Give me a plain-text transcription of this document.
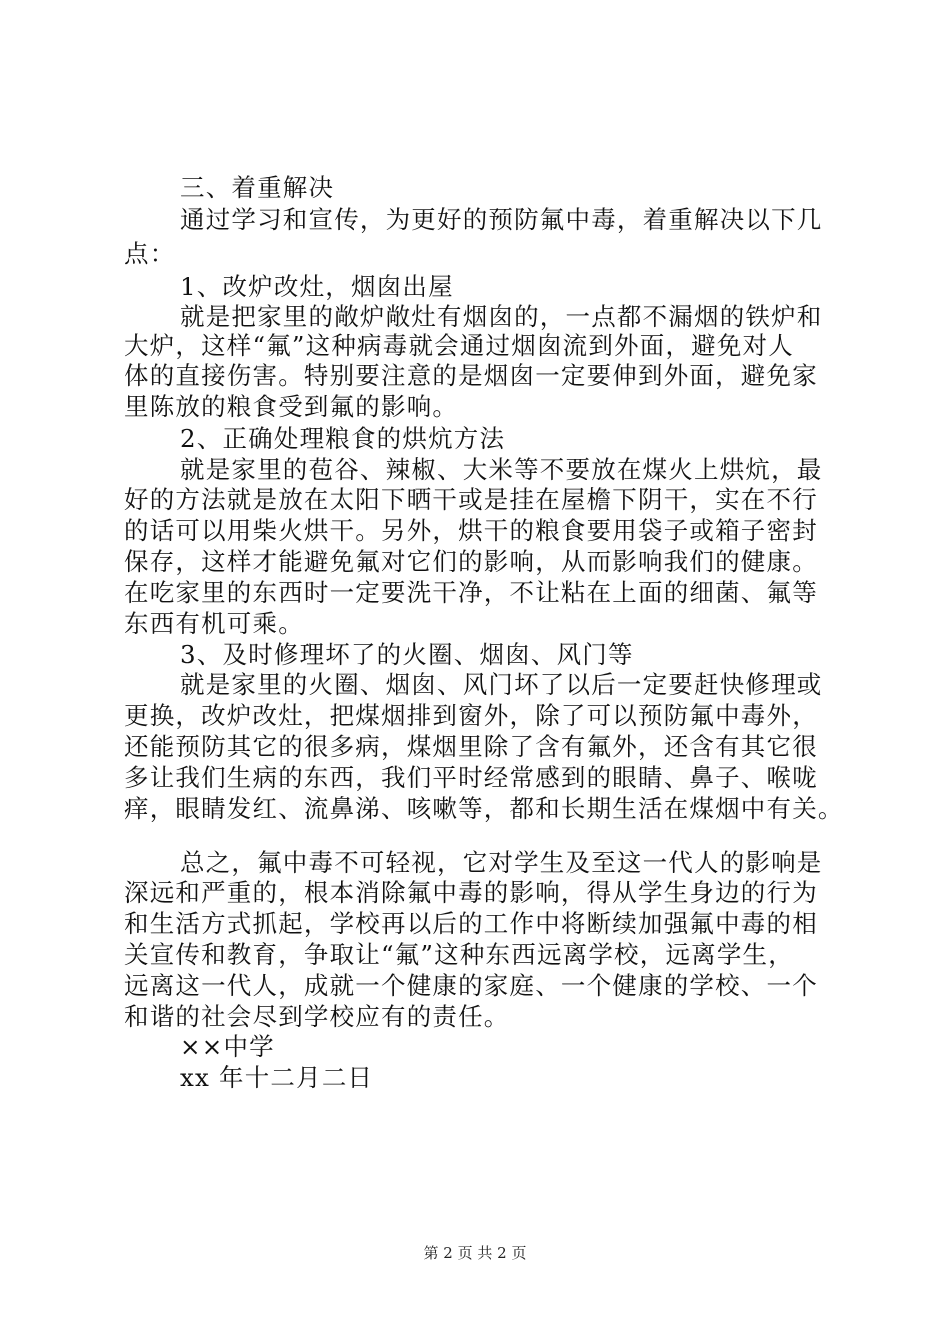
三、着重解决
通过学习和宣传，为更好的预防氟中毒，着重解决以下几
点：
1、改炉改灶，烟囱出屋
就是把家里的敞炉敞灶有烟囱的，一点都不漏烟的铁炉和
大炉，这样“氟”这种病毒就会通过烟囱流到外面，避免对人
体的直接伤害。特别要注意的是烟囱一定要伸到外面，避免家
里陈放的粮食受到氟的影响。
2、正确处理粮食的烘炕方法
就是家里的苞谷、辣椒、大米等不要放在煤火上烘炕，最
好的方法就是放在太阳下晒干或是挂在屋檐下阴干，实在不行
的话可以用柴火烘干。另外，烘干的粮食要用袋子或箱子密封
保存，这样才能避免氟对它们的影响，从而影响我们的健康。
在吃家里的东西时一定要洗干净，不让粘在上面的细菌、氟等
东西有机可乘。
3、及时修理坏了的火圈、烟囱、风门等
就是家里的火圈、烟囱、风门坏了以后一定要赶快修理或
更换，改炉改灶，把煤烟排到窗外，除了可以预防氟中毒外，
还能预防其它的很多病，煤烟里除了含有氟外，还含有其它很
多让我们生病的东西，我们平时经常感到的眼睛、鼻子、喉咙
痒，眼睛发红、流鼻涕、咳嗽等，都和长期生活在煤烟中有关。
总之，氟中毒不可轻视，它对学生及至这一代人的影响是
深远和严重的，根本消除氟中毒的影响，得从学生身边的行为
和生活方式抓起，学校再以后的工作中将断续加强氟中毒的相
关宣传和教育，争取让“氟”这种东西远离学校，远离学生，
远离这一代人，成就一个健康的家庭、一个健康的学校、一个
和谐的社会尽到学校应有的责任。
××中学
xx 年十二月二日
第 2 页 共 2 页
